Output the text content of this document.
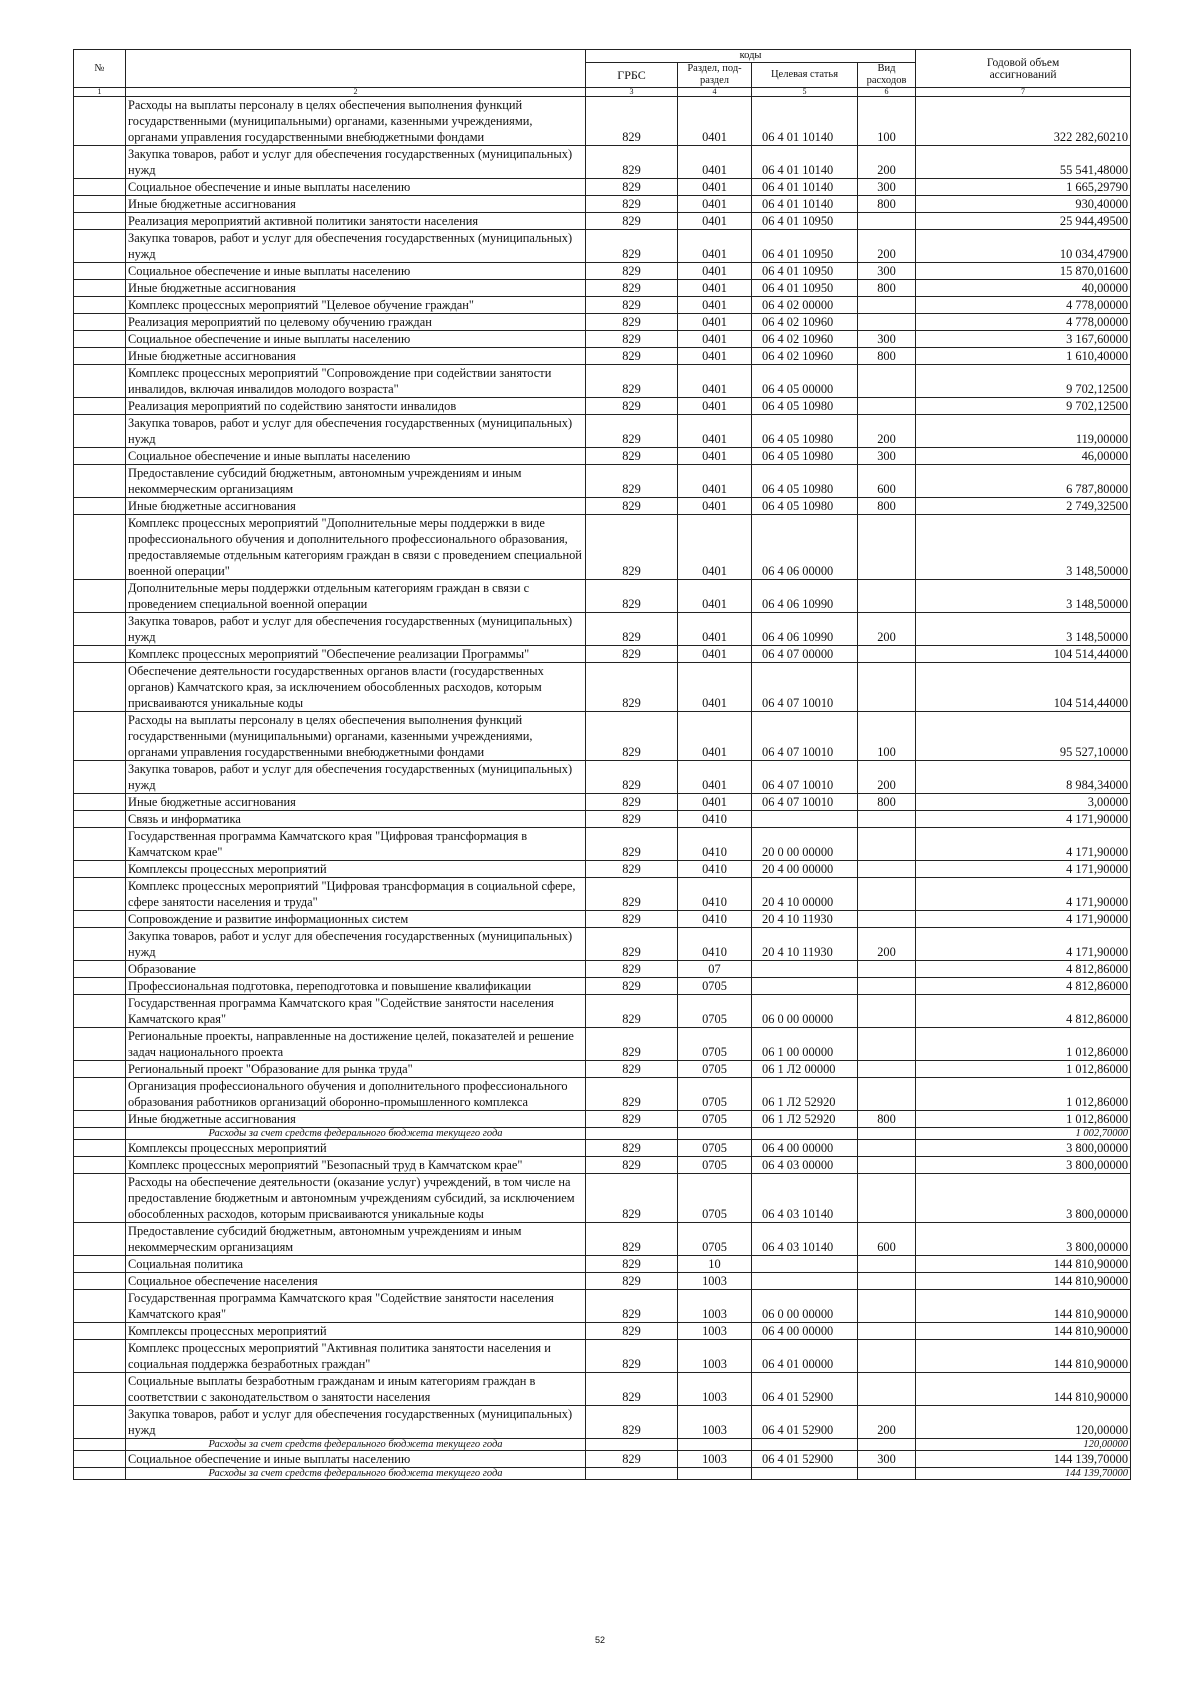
№		коды				Годовой объем
ассигнований
		ГРБС	Раздел, под-
раздел	Целевая статья	Вид
расходов	
1	2	3	4	5	6	7
	Расходы на выплаты персоналу в целях обеспечения выполнения функций государственными (муниципальными) органами, казенными учреждениями, органами управления государственными внебюджетными фондами	829	0401	06 4 01 10140	100	322 282,60210
	Закупка товаров, работ и услуг для обеспечения государственных (муниципальных) нужд	829	0401	06 4 01 10140	200	55 541,48000
	Социальное обеспечение и иные выплаты населению	829	0401	06 4 01 10140	300	1 665,29790
	Иные бюджетные ассигнования	829	0401	06 4 01 10140	800	930,40000
	Реализация мероприятий активной политики занятости населения	829	0401	06 4 01 10950		25 944,49500
	Закупка товаров, работ и услуг для обеспечения государственных (муниципальных) нужд	829	0401	06 4 01 10950	200	10 034,47900
	Социальное обеспечение и иные выплаты населению	829	0401	06 4 01 10950	300	15 870,01600
	Иные бюджетные ассигнования	829	0401	06 4 01 10950	800	40,00000
	Комплекс процессных мероприятий "Целевое обучение граждан"	829	0401	06 4 02 00000		4 778,00000
	Реализация мероприятий по целевому обучению граждан	829	0401	06 4 02 10960		4 778,00000
	Социальное обеспечение и иные выплаты населению	829	0401	06 4 02 10960	300	3 167,60000
	Иные бюджетные ассигнования	829	0401	06 4 02 10960	800	1 610,40000
	Комплекс процессных мероприятий "Сопровождение при содействии занятости инвалидов, включая инвалидов молодого возраста"	829	0401	06 4 05 00000		9 702,12500
	Реализация мероприятий по содействию занятости инвалидов	829	0401	06 4 05 10980		9 702,12500
	Закупка товаров, работ и услуг для обеспечения государственных (муниципальных) нужд	829	0401	06 4 05 10980	200	119,00000
	Социальное обеспечение и иные выплаты населению	829	0401	06 4 05 10980	300	46,00000
	Предоставление субсидий бюджетным, автономным учреждениям и иным некоммерческим организациям	829	0401	06 4 05 10980	600	6 787,80000
	Иные бюджетные ассигнования	829	0401	06 4 05 10980	800	2 749,32500
	Комплекс процессных мероприятий "Дополнительные меры поддержки в виде профессионального обучения и дополнительного профессионального образования, предоставляемые отдельным категориям граждан в связи с проведением специальной военной операции"	829	0401	06 4 06 00000		3 148,50000
	Дополнительные меры поддержки отдельным категориям граждан в связи с проведением специальной военной операции	829	0401	06 4 06 10990		3 148,50000
	Закупка товаров, работ и услуг для обеспечения государственных (муниципальных) нужд	829	0401	06 4 06 10990	200	3 148,50000
	Комплекс процессных мероприятий "Обеспечение реализации Программы"	829	0401	06 4 07 00000		104 514,44000
	Обеспечение деятельности государственных органов власти (государственных органов) Камчатского края, за исключением обособленных расходов, которым присваиваются уникальные коды	829	0401	06 4 07 10010		104 514,44000
	Расходы на выплаты персоналу в целях обеспечения выполнения функций государственными (муниципальными) органами, казенными учреждениями, органами управления государственными внебюджетными фондами	829	0401	06 4 07 10010	100	95 527,10000
	Закупка товаров, работ и услуг для обеспечения государственных (муниципальных) нужд	829	0401	06 4 07 10010	200	8 984,34000
	Иные бюджетные ассигнования	829	0401	06 4 07 10010	800	3,00000
	Связь и информатика	829	0410			4 171,90000
	Государственная программа Камчатского края "Цифровая трансформация в Камчатском крае"	829	0410	20 0 00 00000		4 171,90000
	Комплексы процессных мероприятий	829	0410	20 4 00 00000		4 171,90000
	Комплекс процессных мероприятий "Цифровая трансформация в социальной сфере, сфере занятости населения и труда"	829	0410	20 4 10 00000		4 171,90000
	Сопровождение и развитие информационных систем	829	0410	20 4 10 11930		4 171,90000
	Закупка товаров, работ и услуг для обеспечения государственных (муниципальных) нужд	829	0410	20 4 10 11930	200	4 171,90000
	Образование	829	07			4 812,86000
	Профессиональная подготовка, переподготовка и повышение квалификации	829	0705			4 812,86000
	Государственная программа Камчатского края "Содействие занятости населения Камчатского края"	829	0705	06 0 00 00000		4 812,86000
	Региональные проекты, направленные на достижение целей, показателей и решение задач национального проекта	829	0705	06 1 00 00000		1 012,86000
	Региональный проект "Образование для рынка труда"	829	0705	06 1 Л2 00000		1 012,86000
	Организация профессионального обучения и дополнительного профессионального образования работников организаций оборонно-промышленного комплекса	829	0705	06 1 Л2 52920		1 012,86000
	Иные бюджетные ассигнования	829	0705	06 1 Л2 52920	800	1 012,86000
	Расходы за счет средств федерального бюджета текущего года					1 002,70000
	Комплексы процессных мероприятий	829	0705	06 4 00 00000		3 800,00000
	Комплекс процессных мероприятий "Безопасный труд в Камчатском крае"	829	0705	06 4 03 00000		3 800,00000
	Расходы на обеспечение деятельности (оказание услуг) учреждений, в том числе на предоставление бюджетным и автономным учреждениям субсидий, за исключением обособленных расходов, которым присваиваются уникальные коды	829	0705	06 4 03 10140		3 800,00000
	Предоставление субсидий бюджетным, автономным учреждениям и иным некоммерческим организациям	829	0705	06 4 03 10140	600	3 800,00000
	Социальная политика	829	10			144 810,90000
	Социальное обеспечение населения	829	1003			144 810,90000
	Государственная программа Камчатского края "Содействие занятости населения Камчатского края"	829	1003	06 0 00 00000		144 810,90000
	Комплексы процессных мероприятий	829	1003	06 4 00 00000		144 810,90000
	Комплекс процессных мероприятий "Активная политика занятости населения и социальная поддержка безработных граждан"	829	1003	06 4 01 00000		144 810,90000
	Социальные выплаты безработным гражданам и иным категориям граждан в соответствии с законодательством о занятости населения	829	1003	06 4 01 52900		144 810,90000
	Закупка товаров, работ и услуг для обеспечения государственных (муниципальных) нужд	829	1003	06 4 01 52900	200	120,00000
	Расходы за счет средств федерального бюджета текущего года					120,00000
	Социальное обеспечение и иные выплаты населению	829	1003	06 4 01 52900	300	144 139,70000
	Расходы за счет средств федерального бюджета текущего года					144 139,70000
52
